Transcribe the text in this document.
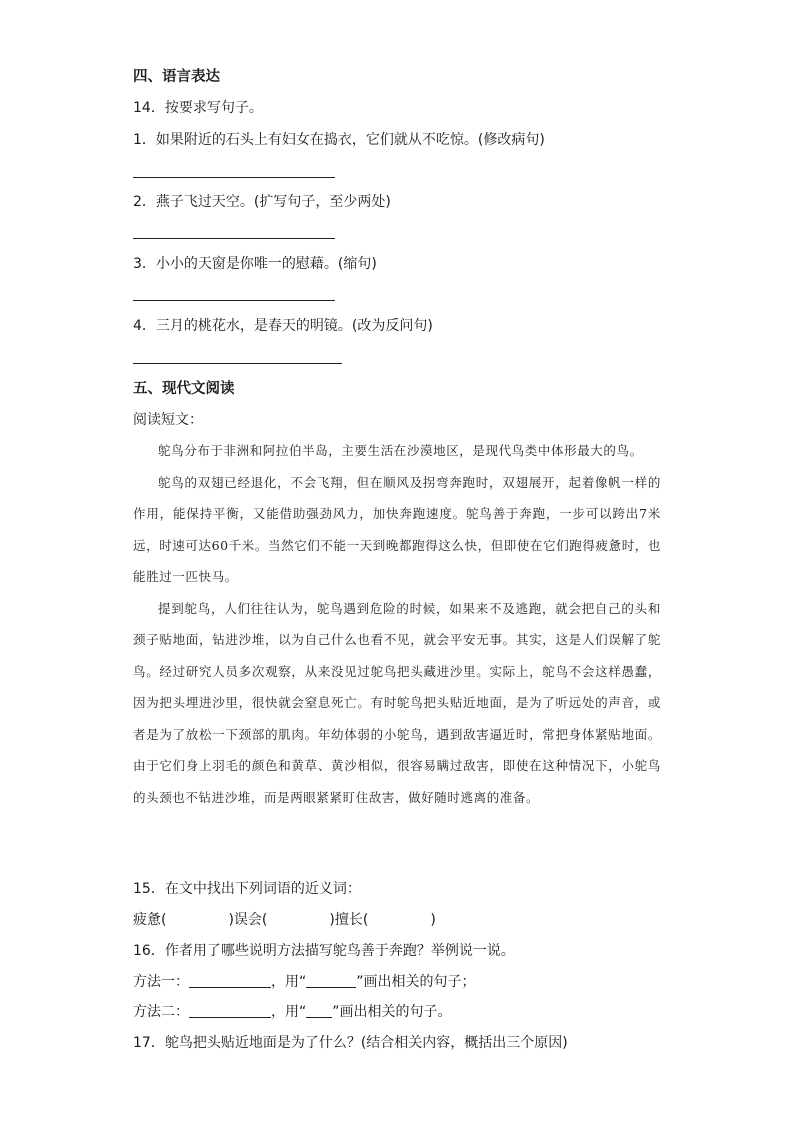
四、语言表达
14．按要求写句子。
1．如果附近的石头上有妇女在捣衣，它们就从不吃惊。(修改病句)
2．燕子飞过天空。(扩写句子，至少两处)
3．小小的天窗是你唯一的慰藉。(缩句)
4．三月的桃花水，是春天的明镜。(改为反问句)
五、现代文阅读
阅读短文：

鸵鸟分布于非洲和阿拉伯半岛，主要生活在沙漠地区，是现代鸟类中体形最大的鸟。

鸵鸟的双翅已经退化，不会飞翔，但在顺风及拐弯奔跑时，双翅展开，起着像帆一样的作用，能保持平衡，又能借助强劲风力，加快奔跑速度。鸵鸟善于奔跑，一步可以跨出7米远，时速可达60千米。当然它们不能一天到晚都跑得这么快，但即使在它们跑得疲惫时，也能胜过一匹快马。

提到鸵鸟，人们往往认为，鸵鸟遇到危险的时候，如果来不及逃跑，就会把自己的头和颈子贴地面，钻进沙堆，以为自己什么也看不见，就会平安无事。其实，这是人们误解了鸵鸟。经过研究人员多次观察，从来没见过鸵鸟把头藏进沙里。实际上，鸵鸟不会这样愚蠢，因为把头埋进沙里，很快就会窒息死亡。有时鸵鸟把头贴近地面，是为了听远处的声音，或者是为了放松一下颈部的肌肉。年幼体弱的小鸵鸟，遇到敌害逼近时，常把身体紧贴地面。由于它们身上羽毛的颜色和黄草、黄沙相似，很容易瞒过敌害，即使在这种情况下，小鸵鸟的头颈也不钻进沙堆，而是两眼紧紧盯住敌害，做好随时逃离的准备。

15．在文中找出下列词语的近义词：
疲惫(	)误会(	)擅长(	)
16．作者用了哪些说明方法描写鸵鸟善于奔跑？举例说一说。
方法一：	，用“	”画出相关的句子；
方法二：	，用“ ”画出相关的句子。
17．鸵鸟把头贴近地面是为了什么？(结合相关内容，概括出三个原因)
